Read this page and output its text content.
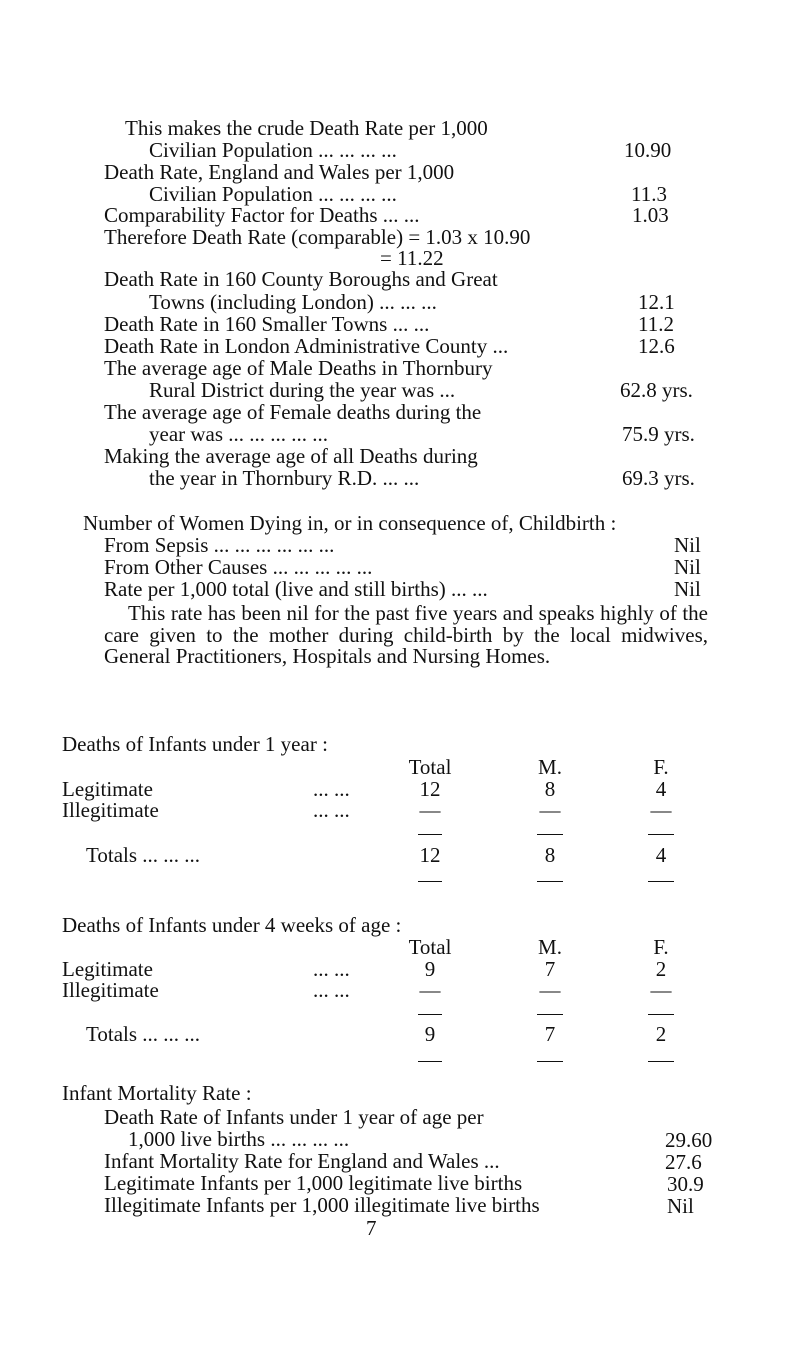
This makes the crude Death Rate per 1,000
Civilian Population ... ... ... ...	10.90
Death Rate, England and Wales per 1,000
Civilian Population ... ... ... ...	11.3
Comparability Factor for Deaths ... ...	1.03
Therefore Death Rate (comparable) = 1.03 x 10.90
= 11.22
Death Rate in 160 County Boroughs and Great
Towns (including London) ... ... ...	12.1
Death Rate in 160 Smaller Towns ... ...	11.2
Death Rate in London Administrative County ...	12.6
The average age of Male Deaths in Thornbury
Rural District during the year was ...	62.8 yrs.
The average age of Female deaths during the
year was ... ... ... ... ...	75.9 yrs.
Making the average age of all Deaths during
the year in Thornbury R.D. ... ...	69.3 yrs.
Number of Women Dying in, or in consequence of, Childbirth :
From Sepsis ... ... ... ... ... ...	Nil
From Other Causes ... ... ... ... ...	Nil
Rate per 1,000 total (live and still births) ... ...	Nil
This rate has been nil for the past five years and speaks highly of the care given to the mother during child-birth by the local midwives, General Practitioners, Hospitals and Nursing Homes.
Deaths of Infants under 1 year :
Total	M.	F.
Legitimate	... ...	12	8	4
Illegitimate	... ...	—	—	—
Totals ... ... ...	12	8	4
Deaths of Infants under 4 weeks of age :
Total	M.	F.
Legitimate	... ...	9	7	2
Illegitimate	... ...	—	—	—
Totals ... ... ...	9	7	2
Infant Mortality Rate :
Death Rate of Infants under 1 year of age per
1,000 live births ... ... ... ...	29.60
Infant Mortality Rate for England and Wales ...	27.6
Legitimate Infants per 1,000 legitimate live births	30.9
Illegitimate Infants per 1,000 illegitimate live births	Nil
7
